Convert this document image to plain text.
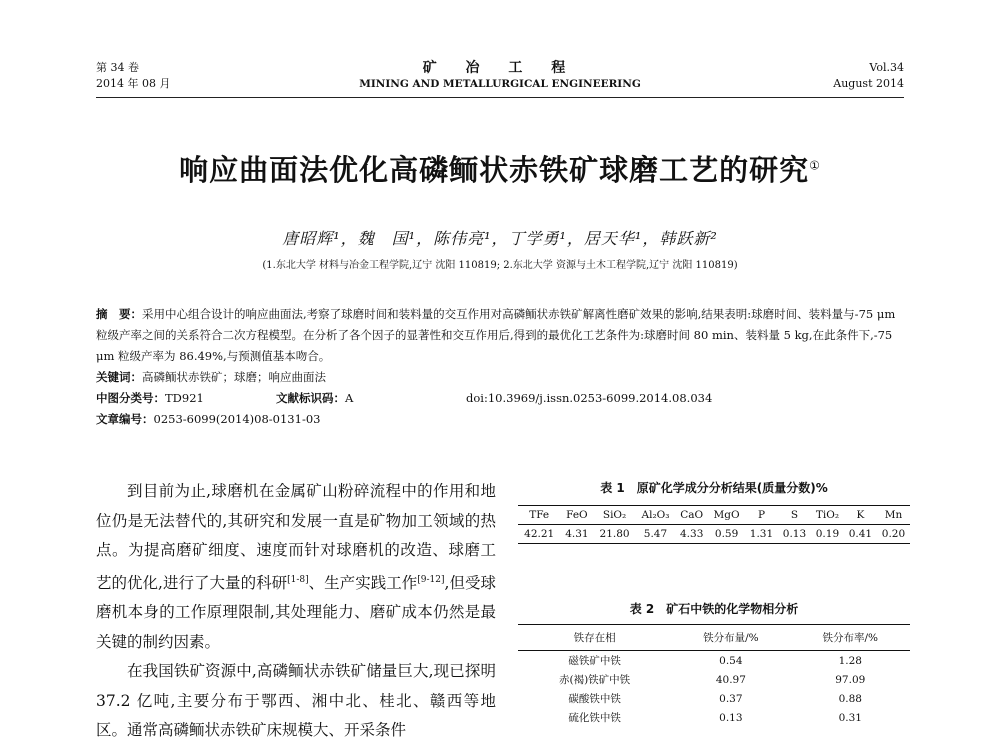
第 34 卷
2014 年 08 月
矿 冶 工 程
MINING AND METALLURGICAL ENGINEERING
Vol.34
August 2014
响应曲面法优化高磷鲕状赤铁矿球磨工艺的研究①
唐昭辉¹，魏　国¹，陈伟亮¹，丁学勇¹，居天华¹，韩跃新²
(1.东北大学 材料与冶金工程学院,辽宁 沈阳 110819; 2.东北大学 资源与土木工程学院,辽宁 沈阳 110819)

摘　要：采用中心组合设计的响应曲面法,考察了球磨时间和装料量的交互作用对高磷鲕状赤铁矿解离性磨矿效果的影响,结果表明:球磨时间、装料量与-75 μm 粒级产率之间的关系符合二次方程模型。在分析了各个因子的显著性和交互作用后,得到的最优化工艺条件为:球磨时间 80 min、装料量 5 kg,在此条件下,-75 μm 粒级产率为 86.49%,与预测值基本吻合。

关键词：高磷鲕状赤铁矿；球磨；响应曲面法

中图分类号：TD921	文献标识码：A	doi:10.3969/j.issn.0253-6099.2014.08.034

文章编号：0253-6099(2014)08-0131-03

到目前为止,球磨机在金属矿山粉碎流程中的作用和地位仍是无法替代的,其研究和发展一直是矿物加工领域的热点。为提高磨矿细度、速度而针对球磨机的改造、球磨工艺的优化,进行了大量的科研[1-8]、生产实践工作[9-12],但受球磨机本身的工作原理限制,其处理能力、磨矿成本仍然是最关键的制约因素。

在我国铁矿资源中,高磷鲕状赤铁矿储量巨大,现已探明 37.2 亿吨,主要分布于鄂西、湘中北、桂北、赣西等地区。通常高磷鲕状赤铁矿床规模大、开采条件

表 1　原矿化学成分分析结果(质量分数)%
TFe	FeO	SiO₂	Al₂O₃	CaO	MgO	P	S	TiO₂	K	Mn
42.21	4.31	21.80	5.47	4.33	0.59	1.31	0.13	0.19	0.41	0.20
表 2　矿石中铁的化学物相分析
铁存在相	铁分布量/%	铁分布率/%
磁铁矿中铁	0.54	1.28
赤(褐)铁矿中铁	40.97	97.09
碳酸铁中铁	0.37	0.88
硫化铁中铁	0.13	0.31
